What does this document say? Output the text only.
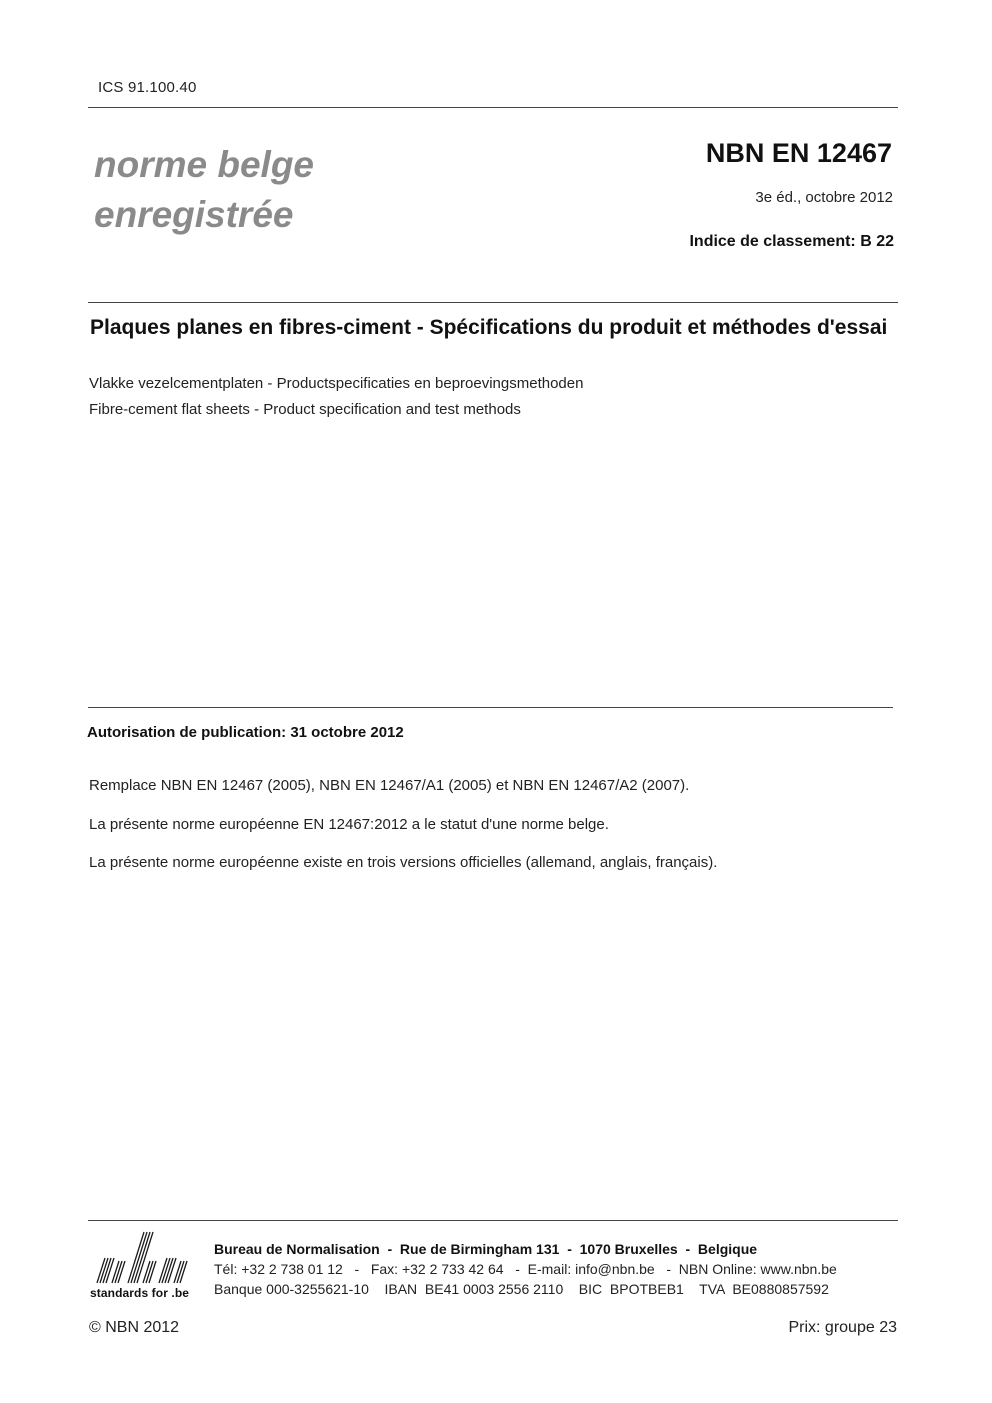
ICS 91.100.40
norme belge
enregistrée
NBN EN 12467
3e éd., octobre 2012
Indice de classement: B 22
Plaques planes en fibres-ciment - Spécifications du produit et méthodes d'essai
Vlakke vezelcementplaten - Productspecificaties en beproevingsmethoden
Fibre-cement flat sheets - Product specification and test methods
Autorisation de publication: 31 octobre 2012
Remplace NBN EN 12467 (2005), NBN EN 12467/A1 (2005) et NBN EN 12467/A2 (2007).
La présente norme européenne EN 12467:2012 a le statut d'une norme belge.
La présente norme européenne existe en trois versions officielles (allemand, anglais, français).
standards for .be
Bureau de Normalisation  -  Rue de Birmingham 131  -  1070 Bruxelles  -  Belgique
Tél: +32 2 738 01 12   -   Fax: +32 2 733 42 64   -  E-mail: info@nbn.be   -  NBN Online: www.nbn.be
Banque 000-3255621-10    IBAN  BE41 0003 2556 2110    BIC  BPOTBEB1    TVA  BE0880857592
© NBN 2012	Prix: groupe 23
